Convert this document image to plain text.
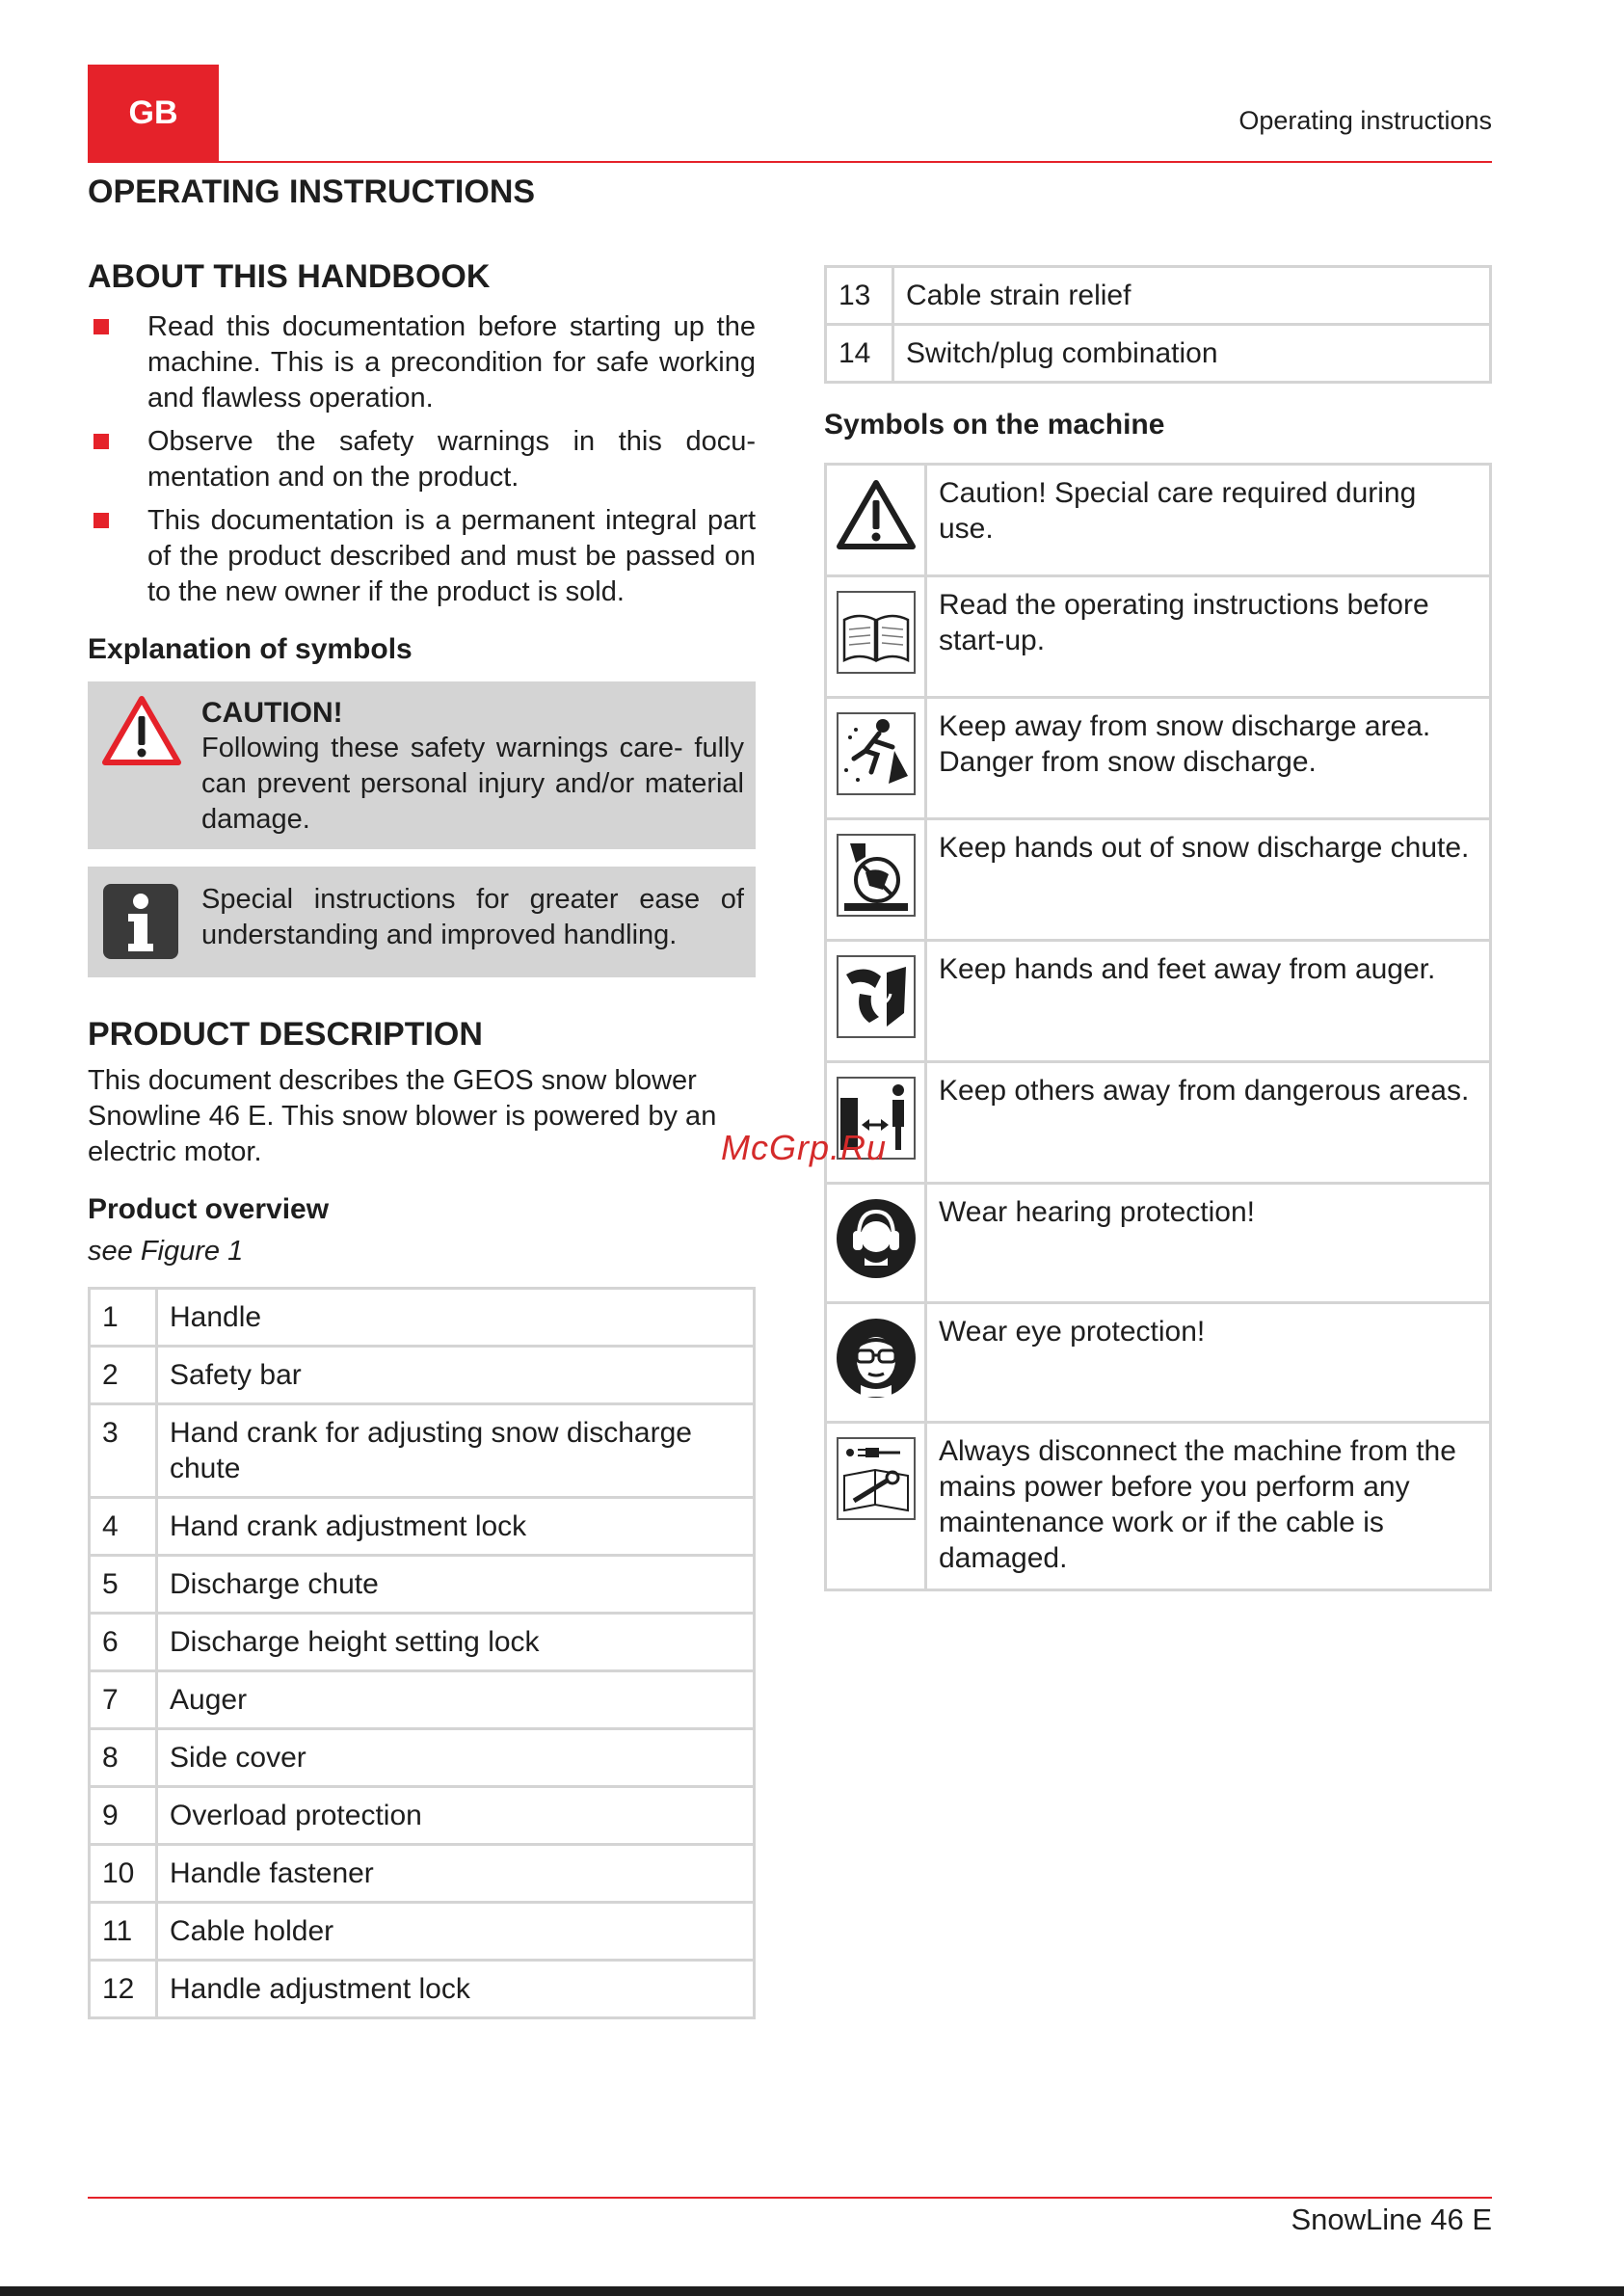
GB	Operating instructions
OPERATING INSTRUCTIONS
ABOUT THIS HANDBOOK
Read this documentation before starting up the machine. This is a precondition for safe working and flawless operation.
Observe the safety warnings in this docu- mentation and on the product.
This documentation is a permanent integral part of the product described and must be passed on to the new owner if the product is sold.
Explanation of symbols
CAUTION!
Following these safety warnings care- fully can prevent personal injury and/or material damage.
Special instructions for greater ease of understanding and improved handling.
PRODUCT DESCRIPTION

This document describes the GEOS snow blower Snowline 46 E. This snow blower is powered by an electric motor.

Product overview

see Figure 1

1	Handle
2	Safety bar
3	Hand crank for adjusting snow discharge chute
4	Hand crank adjustment lock
5	Discharge chute
6	Discharge height setting lock
7	Auger
8	Side cover
9	Overload protection
10	Handle fastener
11	Cable holder
12	Handle adjustment lock
13	Cable strain relief
14	Switch/plug combination
Symbols on the machine
	Caution! Special care required during use.
	Read the operating instructions before start-up.
	Keep away from snow discharge area. Danger from snow discharge.
	Keep hands out of snow discharge chute.
	Keep hands and feet away from auger.
	Keep others away from dangerous areas.
	Wear hearing protection!
	Wear eye protection!
	Always disconnect the machine from the mains power before you perform any maintenance work or if the cable is damaged.
McGrp.Ru
SnowLine 46 E
